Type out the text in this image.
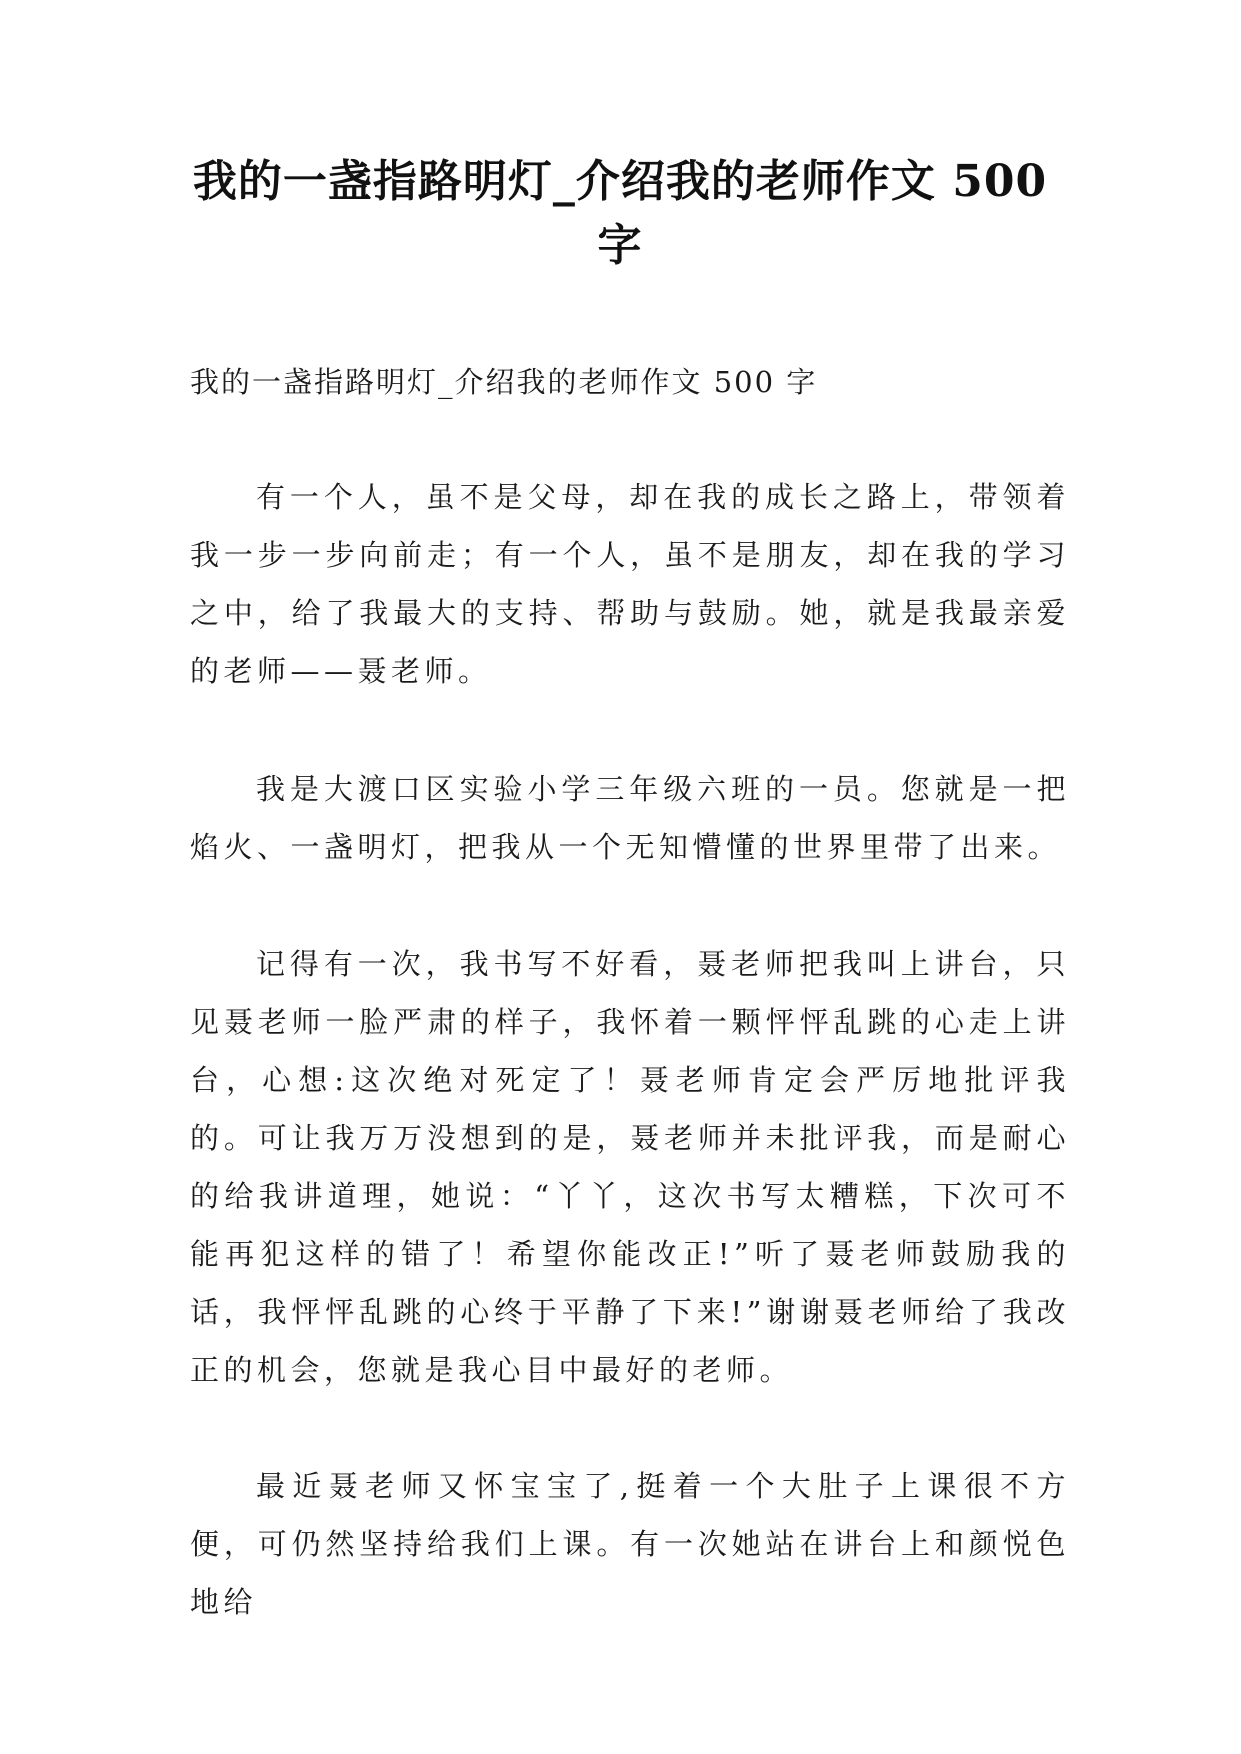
我的一盏指路明灯_介绍我的老师作文 500 字
我的一盏指路明灯_介绍我的老师作文 500 字
有一个人，虽不是父母，却在我的成长之路上，带领着我一步一步向前走；有一个人，虽不是朋友，却在我的学习之中，给了我最大的支持、帮助与鼓励。她，就是我最亲爱的老师——聂老师。
我是大渡口区实验小学三年级六班的一员。您就是一把焰火、一盏明灯，把我从一个无知懵懂的世界里带了出来。
记得有一次，我书写不好看，聂老师把我叫上讲台，只见聂老师一脸严肃的样子，我怀着一颗怦怦乱跳的心走上讲台，心想:这次绝对死定了！聂老师肯定会严厉地批评我的。可让我万万没想到的是，聂老师并未批评我，而是耐心的给我讲道理，她说：“丫丫，这次书写太糟糕，下次可不能再犯这样的错了！希望你能改正!”听了聂老师鼓励我的话，我怦怦乱跳的心终于平静了下来!”谢谢聂老师给了我改正的机会，您就是我心目中最好的老师。
最近聂老师又怀宝宝了,挺着一个大肚子上课很不方便，可仍然坚持给我们上课。有一次她站在讲台上和颜悦色地给
